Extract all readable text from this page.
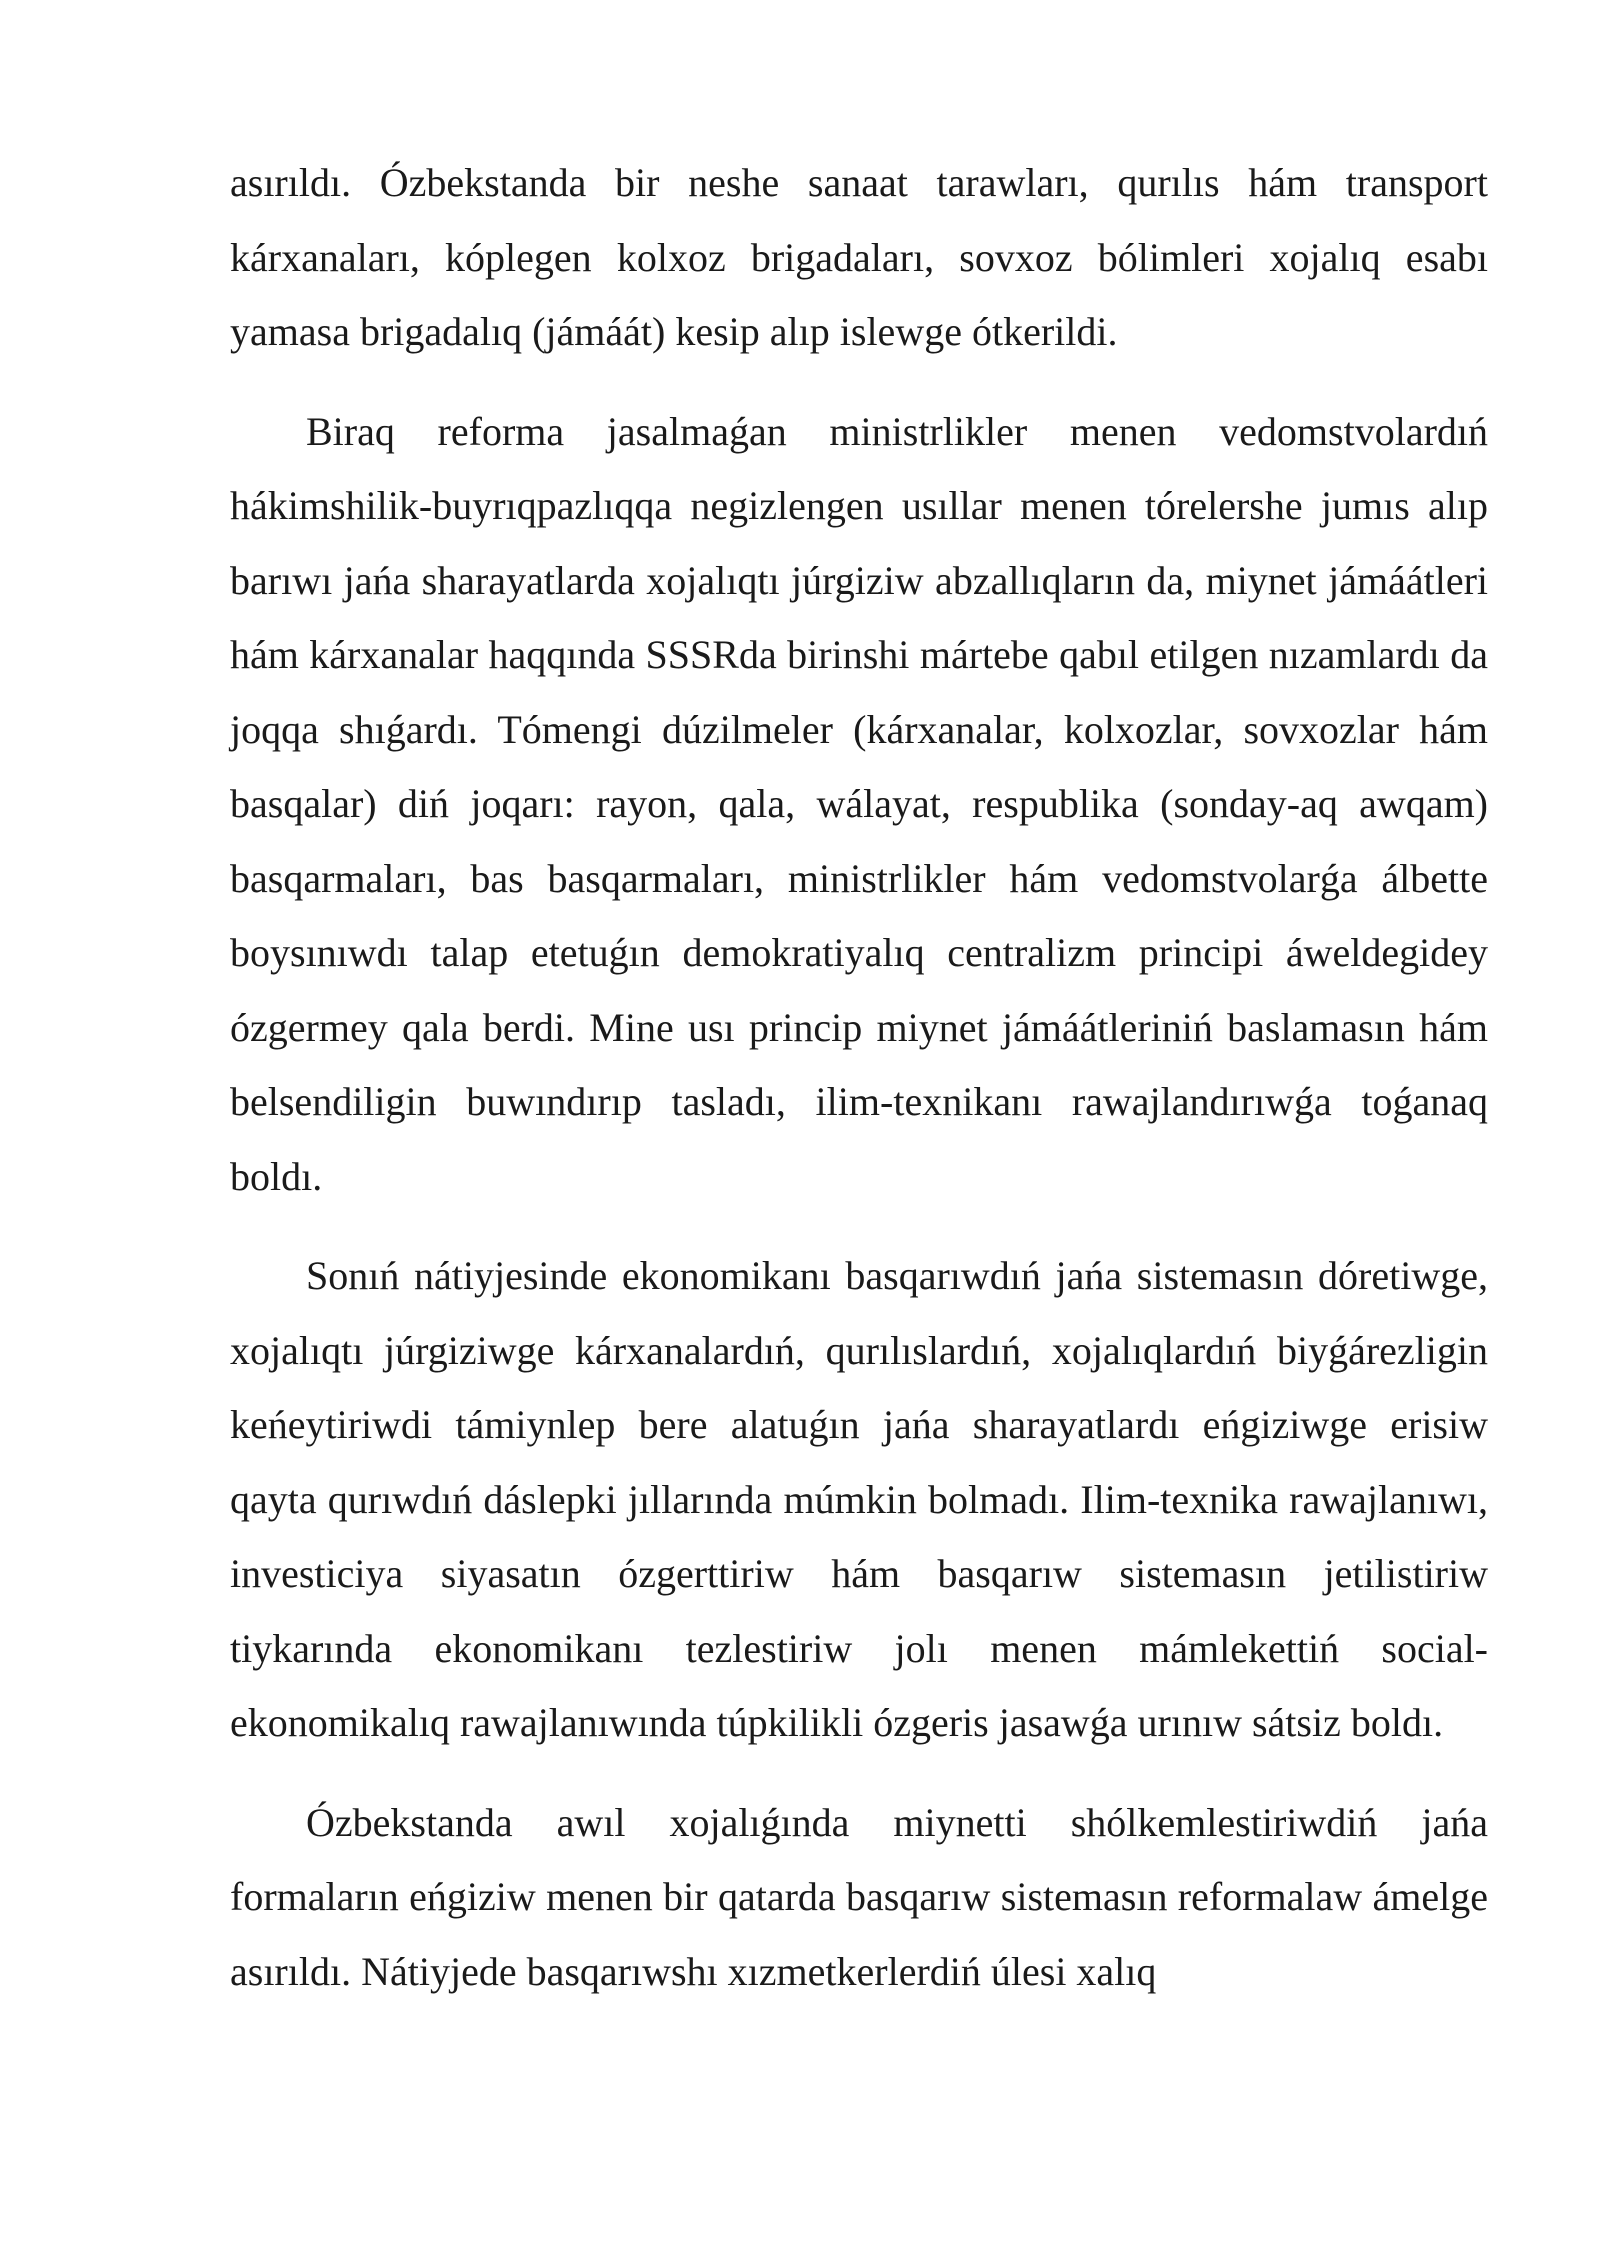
asırıldı. Ózbekstanda bir neshe sanaat tarawları, qurılıs hám transport kárxanaları, kóplegen kolxoz brigadaları, sovxoz bólimleri xojalıq esabı yamasa brigadalıq (jámáát) kesip alıp islewge ótkerildi.

Biraq reforma jasalmaǵan ministrlikler menen vedomstvolardıń hákimshilik-buyrıqpazlıqqa negizlengen usıllar menen tórelershe jumıs alıp barıwı jańa sharayatlarda xojalıqtı júrgiziw abzallıqların da, miynet jámáátleri hám kárxanalar haqqında SSSRda birinshi mártebe qabıl etilgen nızamlardı da joqqa shıǵardı. Tómengi dúzilmeler (kárxanalar, kolxozlar, sovxozlar hám basqalar) diń joqarı: rayon, qala, wálayat, respublika (sonday-aq awqam) basqarmaları, bas basqarmaları, ministrlikler hám vedomstvolarǵa álbette boysınıwdı talap etetuǵın demokratiyalıq centralizm principi áweldegidey ózgermey qala berdi. Mine usı princip miynet jámáátleriniń baslamasın hám belsendiligin buwındırıp tasladı, ilim-texnikanı rawajlandırıwǵa toǵanaq boldı.

Sonıń nátiyjesinde ekonomikanı basqarıwdıń jańa sistemasın dóretiwge, xojalıqtı júrgiziwge kárxanalardıń, qurılıslardıń, xojalıqlardıń biyǵárezligin keńeytiriwdi támiynlep bere alatuǵın jańa sharayatlardı eńgiziwge erisiw qayta qurıwdıń dáslepki jıllarında múmkin bolmadı. Ilim-texnika rawajlanıwı, investiciya siyasatın ózgerttiriw hám basqarıw sistemasın jetilistiriw tiykarında ekonomikanı tezlestiriw jolı menen mámlekettiń social-ekonomikalıq rawajlanıwında túpkilikli ózgeris jasawǵa urınıw sátsiz boldı.

Ózbekstanda awıl xojalıǵında miynetti shólkemlestiriwdiń jańa formaların eńgiziw menen bir qatarda basqarıw sistemasın reformalaw ámelge asırıldı. Nátiyjede basqarıwshı xızmetkerlerdiń úlesi xalıq
